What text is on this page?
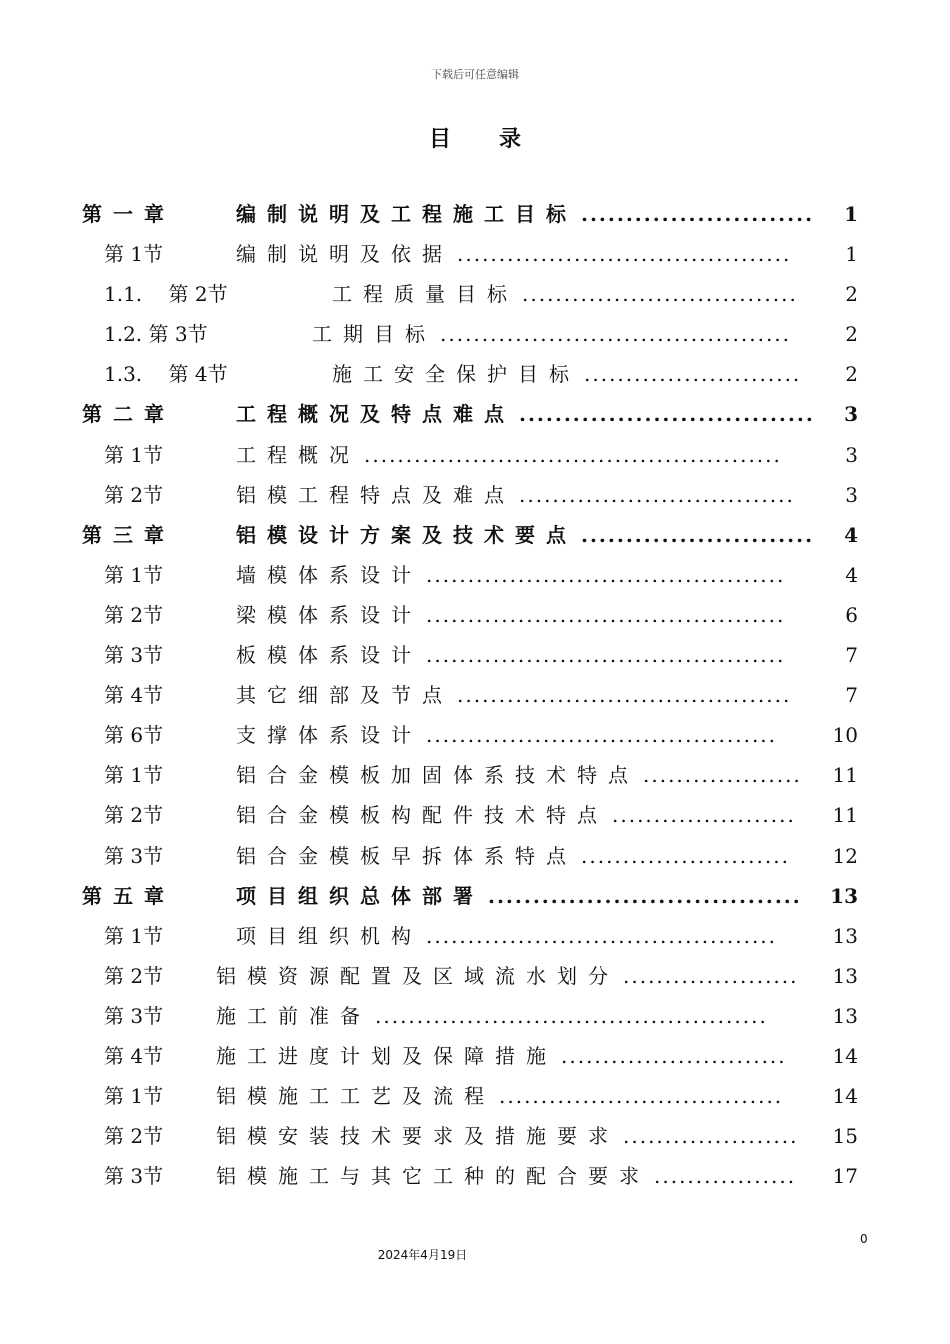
下载后可任意编辑
目录
第一章	编制说明及工程施工目标 ..........................	1
第 1节	编制说明及依据 ........................................	1
1.1.　 第 2节	工程质量目标 .................................	2
1.2. 第 3节	工期目标 ..........................................	2
1.3.　 第 4节	施工安全保护目标 ..........................	2
第二章	工程概况及特点难点 .................................	3
第 1节	工程概况 ..................................................	3
第 2节	铝模工程特点及难点 .................................	3
第三章	铝模设计方案及技术要点 ..........................	4
第 1节	墙模体系设计 ...........................................	4
第 2节	梁模体系设计 ...........................................	6
第 3节	板模体系设计 ...........................................	7
第 4节	其它细部及节点 ........................................	7
第 6节	支撑体系设计 ..........................................	10
第 1节	铝合金模板加固体系技术特点 ...................	11
第 2节	铝合金模板构配件技术特点 ......................	11
第 3节	铝合金模板早拆体系特点 .........................	12
第五章	项目组织总体部署 ...................................	13
第 1节	项目组织机构 ..........................................	13
第 2节	铝模资源配置及区域流水划分 .....................	13
第 3节	施工前准备 ...............................................	13
第 4节	施工进度计划及保障措施 ...........................	14
第 1节	铝模施工工艺及流程 ..................................	14
第 2节	铝模安装技术要求及措施要求 .....................	15
第 3节	铝模施工与其它工种的配合要求 .................	17
0
2024年4月19日
